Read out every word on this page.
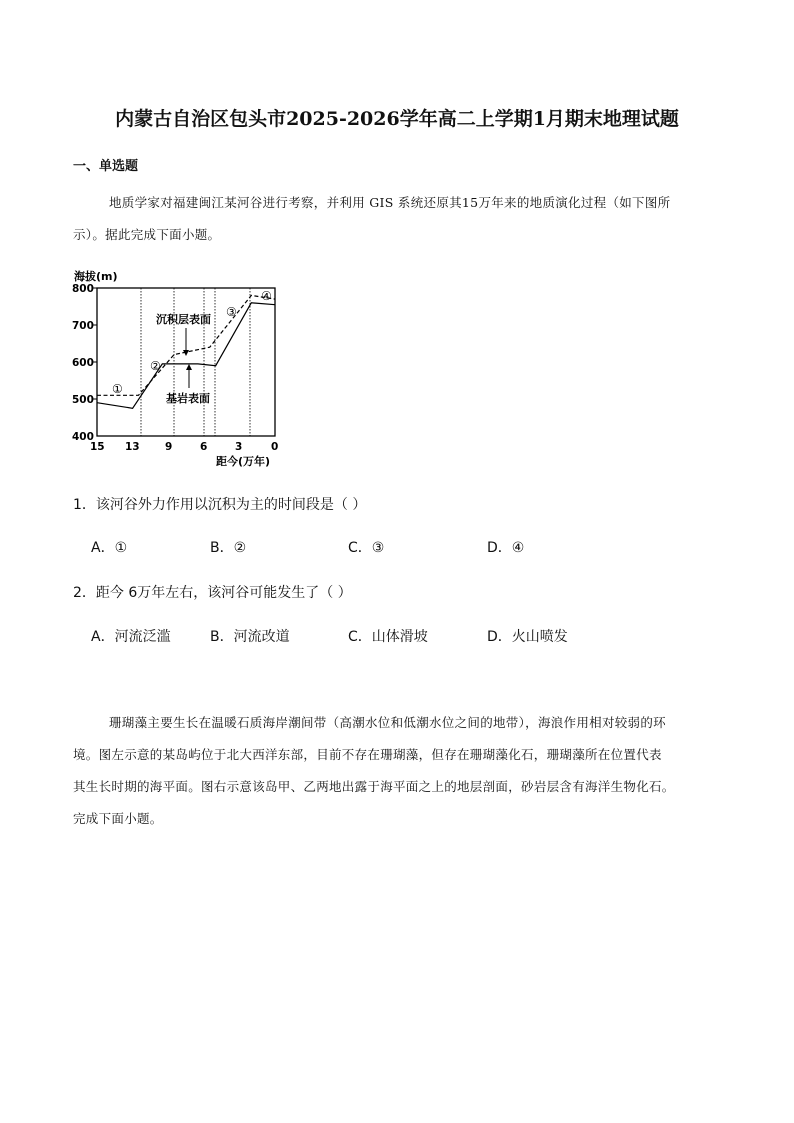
内蒙古自治区包头市2025-2026学年高二上学期1月期末地理试题
一、单选题
地质学家对福建闽江某河谷进行考察，并利用 GIS 系统还原其15万年来的地质演化过程（如下图所
示）。据此完成下面小题。
海拔(m)
800
700
600
500
400
15 13 9	6	3	0
距今(万年)
沉积层表面
基岩表面
①
②
③
④
1．该河谷外力作用以沉积为主的时间段是（ ）
A．①	B．②	C．③	D．④
2．距今 6万年左右，该河谷可能发生了（ ）
A．河流泛滥	B．河流改道	C．山体滑坡	D．火山喷发
珊瑚藻主要生长在温暖石质海岸潮间带（高潮水位和低潮水位之间的地带），海浪作用相对较弱的环
境。图左示意的某岛屿位于北大西洋东部，目前不存在珊瑚藻，但存在珊瑚藻化石，珊瑚藻所在位置代表
其生长时期的海平面。图右示意该岛甲、乙两地出露于海平面之上的地层剖面，砂岩层含有海洋生物化石。
完成下面小题。
